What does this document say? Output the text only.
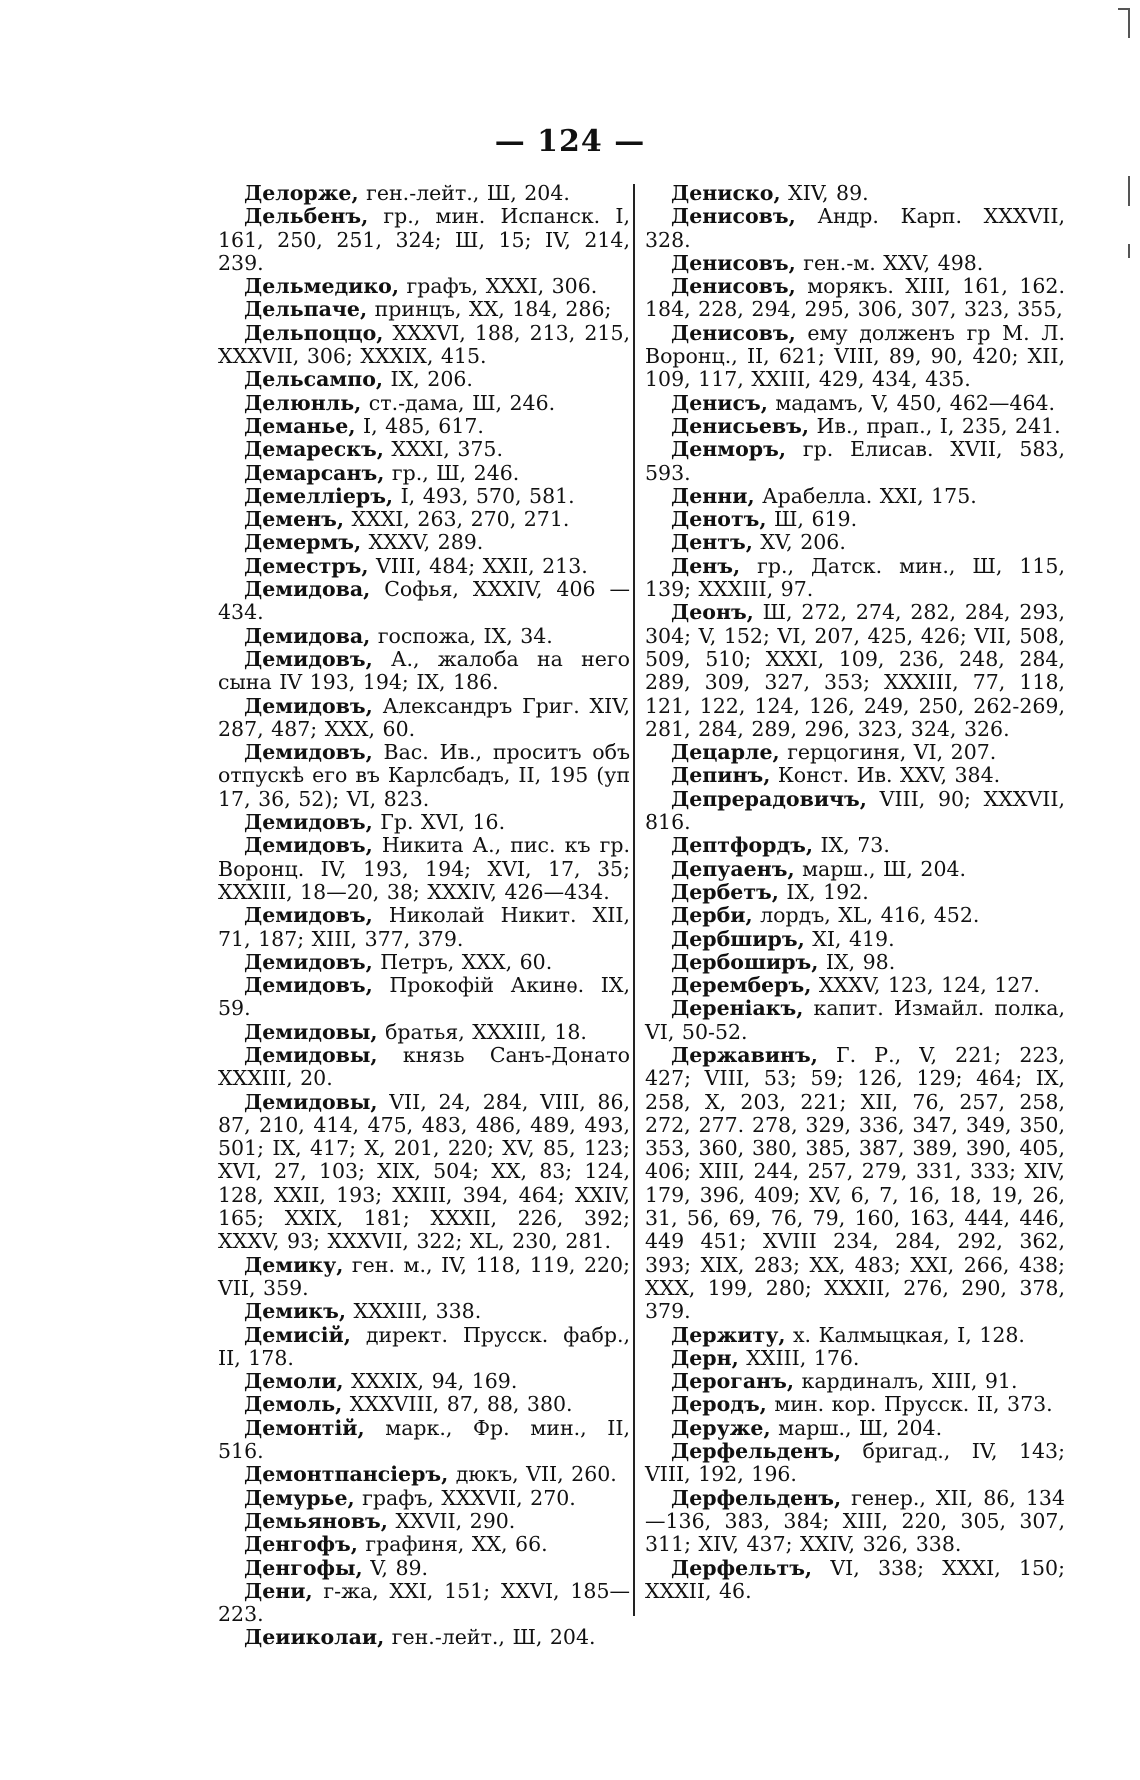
— 124 —

Делорже, ген.-лейт., Ш, 204.

Дельбенъ, гр., мин. Испанск. I, 161, 250, 251, 324; Ш, 15; IV, 214, 239.

Дельмедико, графъ, XXXI, 306.

Дельпаче, принцъ, XX, 184, 286;

Дельпоццо, XXXVI, 188, 213, 215, XXXVII, 306; XXXIX, 415.

Дельсампо, IX, 206.

Делюнль, ст.-дама, Ш, 246.

Деманье, I, 485, 617.

Демарескъ, XXXI, 375.

Демарсанъ, гр., Ш, 246.

Демелліеръ, I, 493, 570, 581.

Деменъ, XXXI, 263, 270, 271.

Демермъ, XXXV, 289.

Деместръ, VIII, 484; XXII, 213.

Демидова, Софья, XXXIV, 406 — 434.

Демидова, госпожа, IX, 34.

Демидовъ, А., жалоба на него сына IV 193, 194; IX, 186.

Демидовъ, Александръ Григ. XIV, 287, 487; XXX, 60.

Демидовъ, Вас. Ив., проситъ объ отпускѣ его въ Карлсбадъ, II, 195 (уп 17, 36, 52); VI, 823.

Демидовъ, Гр. XVI, 16.

Демидовъ, Никита А., пис. къ гр. Воронц. IV, 193, 194; XVI, 17, 35; XXXIII, 18—20, 38; XXXIV, 426—434.

Демидовъ, Николай Никит. XII, 71, 187; XIII, 377, 379.

Демидовъ, Петръ, XXX, 60.

Демидовъ, Прокофій Акинѳ. IX, 59.

Демидовы, братья, XXXIII, 18.

Демидовы, князь Санъ-Донато XXXIII, 20.

Демидовы, VII, 24, 284, VIII, 86, 87, 210, 414, 475, 483, 486, 489, 493, 501; IX, 417; X, 201, 220; XV, 85, 123; XVI, 27, 103; XIX, 504; XX, 83; 124, 128, XXII, 193; XXIII, 394, 464; XXIV, 165; XXIX, 181; XXXII, 226, 392; XXXV, 93; XXXVII, 322; XL, 230, 281.

Демику, ген. м., IV, 118, 119, 220; VII, 359.

Демикъ, XXXIII, 338.

Демисій, директ. Прусск. фабр., II, 178.

Демоли, XXXIX, 94, 169.

Демоль, XXXVIII, 87, 88, 380.

Демонтій, марк., Фр. мин., II, 516.

Демонтпансіеръ, дюкъ, VII, 260.

Демурье, графъ, XXXVII, 270.

Демьяновъ, XXVII, 290.

Денгофъ, графиня, XX, 66.

Денгофы, V, 89.

Дени, г-жа, XXI, 151; XXVI, 185—223.

Деииколаи, ген.-лейт., Ш, 204.

Дениско, XIV, 89.

Денисовъ, Андр. Карп. XXXVII, 328.

Денисовъ, ген.-м. XXV, 498.

Денисовъ, морякъ. XIII, 161, 162. 184, 228, 294, 295, 306, 307, 323, 355,

Денисовъ, ему долженъ гр М. Л. Воронц., II, 621; VIII, 89, 90, 420; XII, 109, 117, XXIII, 429, 434, 435.

Денисъ, мадамъ, V, 450, 462—464.

Денисьевъ, Ив., прап., I, 235, 241.

Денморъ, гр. Елисав. XVII, 583, 593.

Денни, Арабелла. XXI, 175.

Денотъ, Ш, 619.

Дентъ, XV, 206.

Денъ, гр., Датск. мин., Ш, 115, 139; XXXIII, 97.

Деонъ, Ш, 272, 274, 282, 284, 293, 304; V, 152; VI, 207, 425, 426; VII, 508, 509, 510; XXXI, 109, 236, 248, 284, 289, 309, 327, 353; XXXIII, 77, 118, 121, 122, 124, 126, 249, 250, 262-269, 281, 284, 289, 296, 323, 324, 326.

Децарле, герцогиня, VI, 207.

Депинъ, Конст. Ив. XXV, 384.

Депрерадовичъ, VIII, 90; XXXVII, 816.

Дептфордъ, IX, 73.

Депуаенъ, марш., Ш, 204.

Дербетъ, IX, 192.

Дерби, лордъ, XL, 416, 452.

Дербширъ, XI, 419.

Дербоширъ, IX, 98.

Деремберъ, XXXV, 123, 124, 127.

Дереніакъ, капит. Измайл. полка, VI, 50-52.

Державинъ, Г. Р., V, 221; 223, 427; VIII, 53; 59; 126, 129; 464; IX, 258, X, 203, 221; XII, 76, 257, 258, 272, 277. 278, 329, 336, 347, 349, 350, 353, 360, 380, 385, 387, 389, 390, 405, 406; XIII, 244, 257, 279, 331, 333; XIV, 179, 396, 409; XV, 6, 7, 16, 18, 19, 26, 31, 56, 69, 76, 79, 160, 163, 444, 446, 449 451; XVIII 234, 284, 292, 362, 393; XIX, 283; XX, 483; XXI, 266, 438; XXX, 199, 280; XXXII, 276, 290, 378, 379.

Держиту, х. Калмыцкая, I, 128.

Дерн, XXIII, 176.

Дероганъ, кардиналъ, XIII, 91.

Деродъ, мин. кор. Прусск. II, 373.

Деруже, марш., Ш, 204.

Дерфельденъ, бригад., IV, 143; VIII, 192, 196.

Дерфельденъ, генер., XII, 86, 134—136, 383, 384; XIII, 220, 305, 307, 311; XIV, 437; XXIV, 326, 338.

Дерфельтъ, VI, 338; XXXI, 150; XXXII, 46.
